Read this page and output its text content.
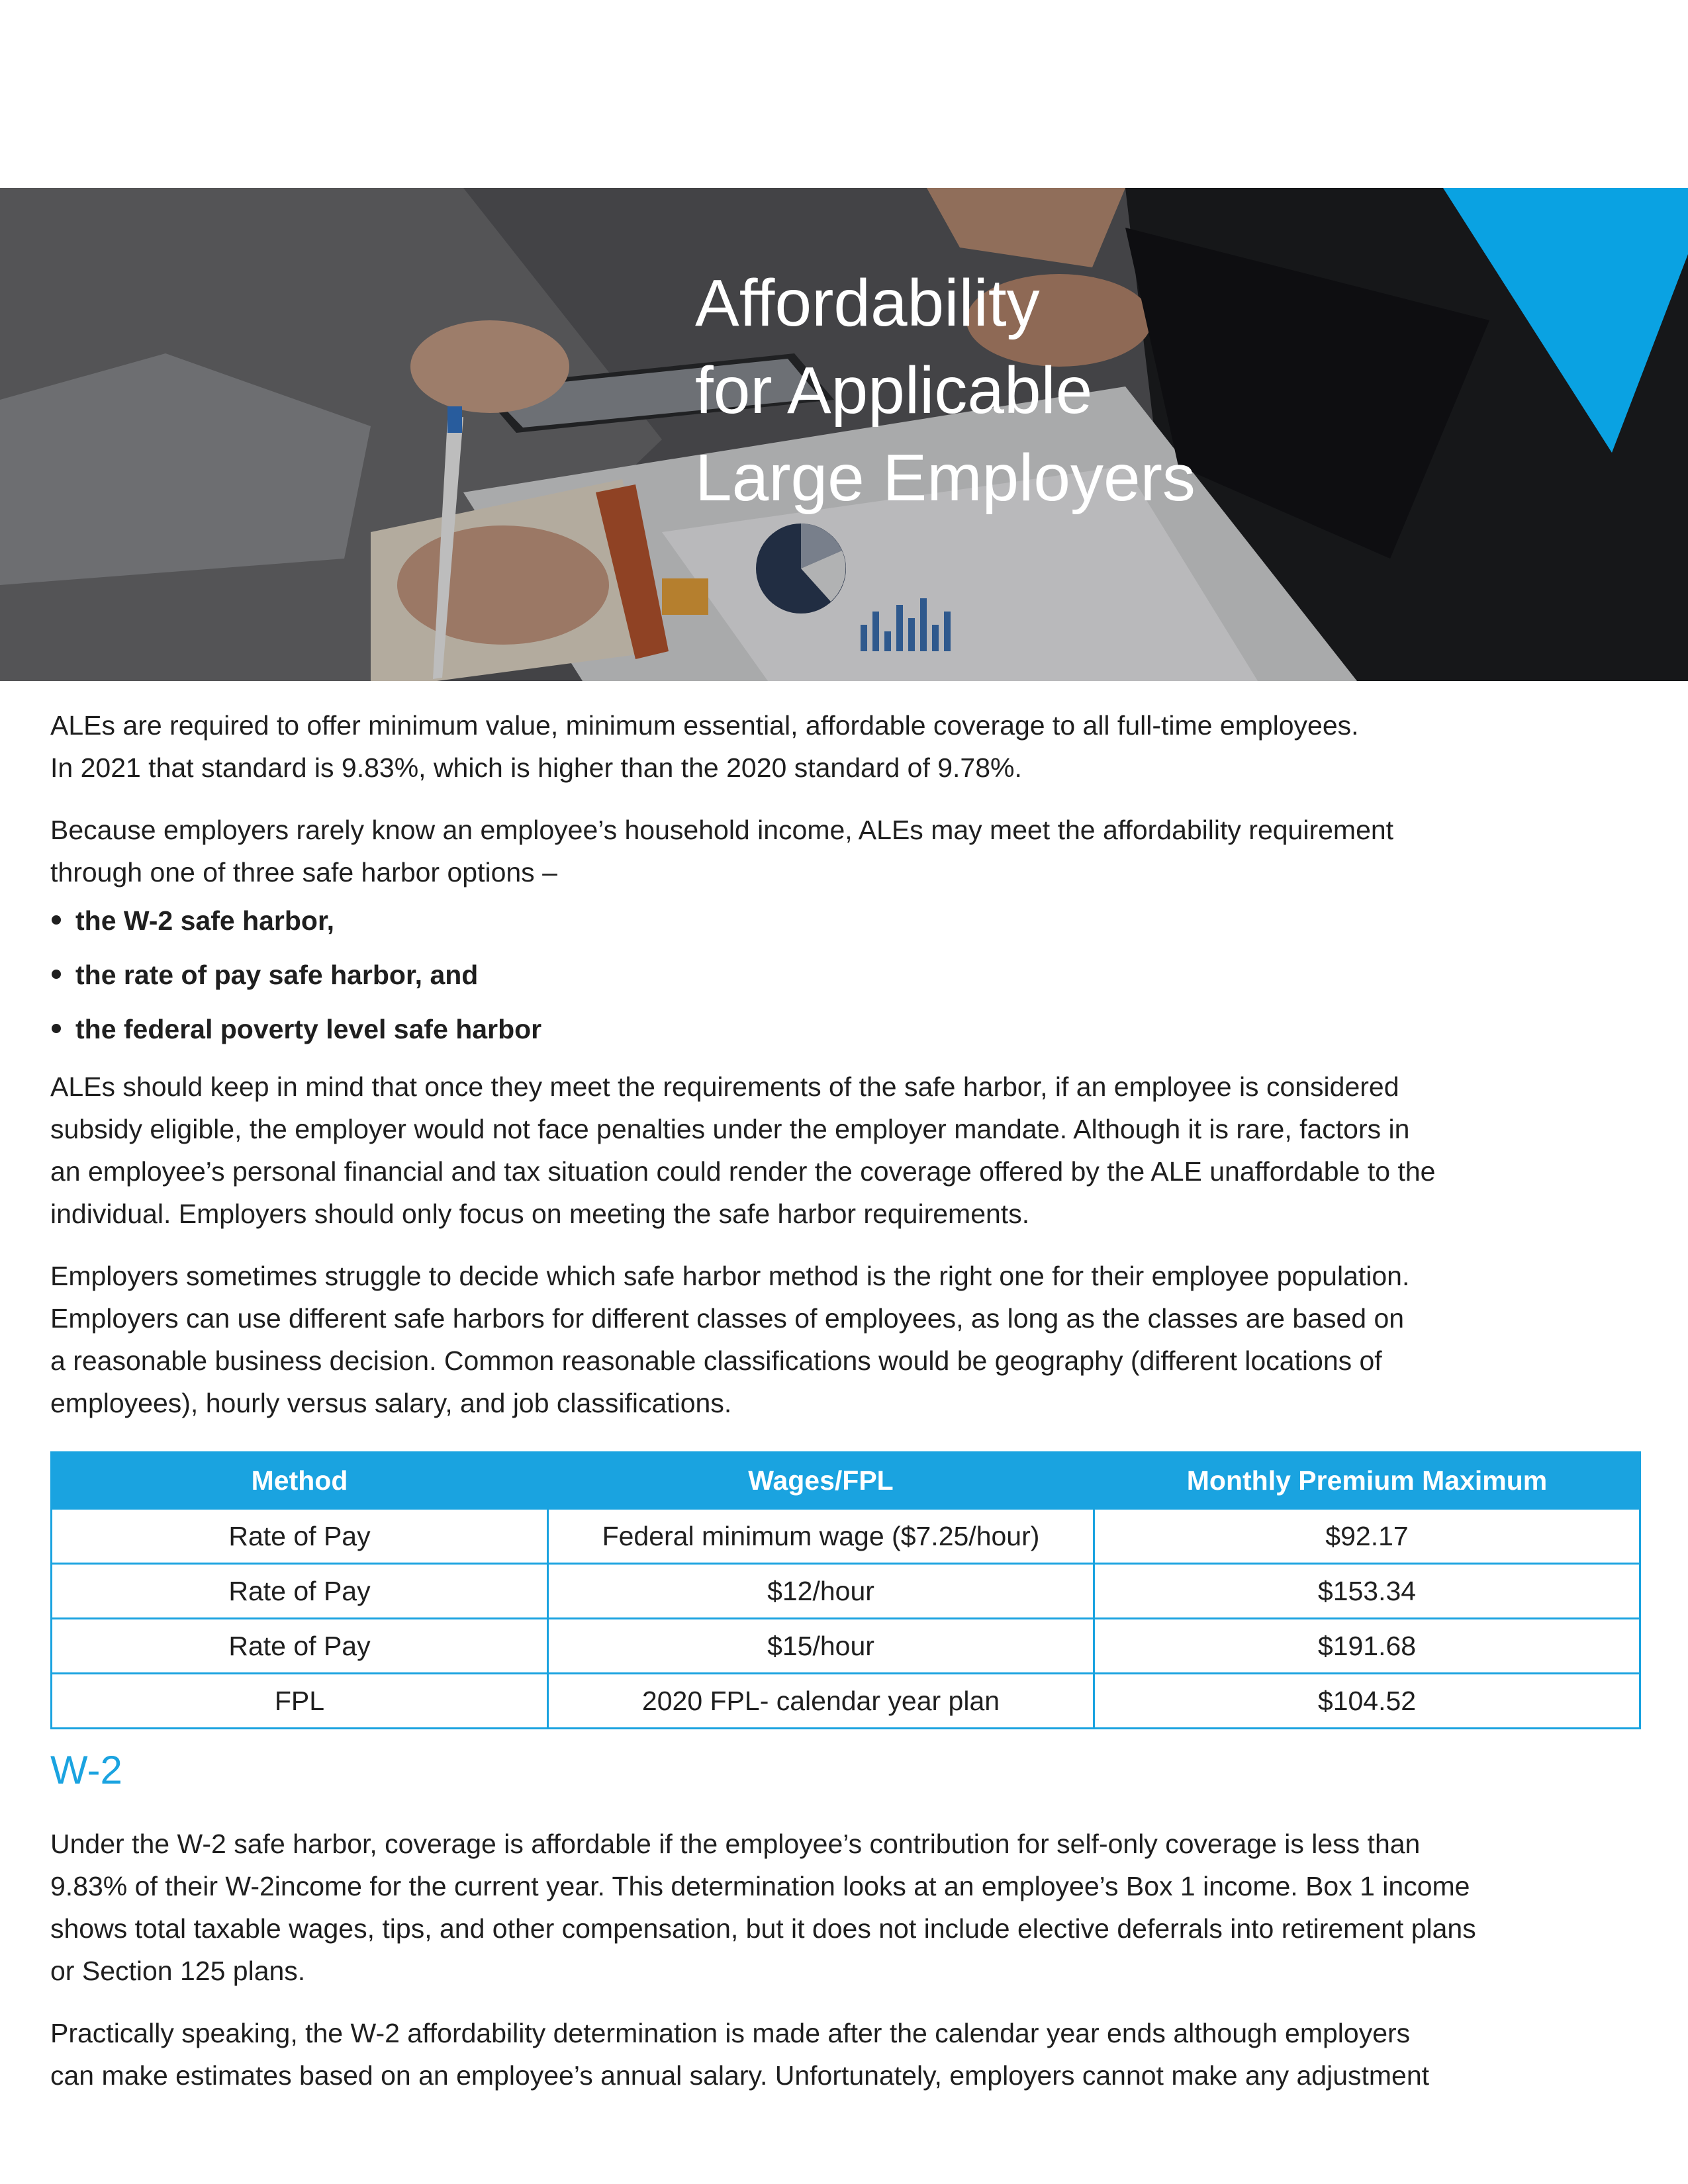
Affordability
for Applicable
Large Employers

ALEs are required to offer minimum value, minimum essential, affordable coverage to all full-time employees.
In 2021 that standard is 9.83%, which is higher than the 2020 standard of 9.78%.

Because employers rarely know an employee’s household income, ALEs may meet the affordability requirement
through one of three safe harbor options –

the W-2 safe harbor,
the rate of pay safe harbor, and
the federal poverty level safe harbor

ALEs should keep in mind that once they meet the requirements of the safe harbor, if an employee is considered
subsidy eligible, the employer would not face penalties under the employer mandate. Although it is rare, factors in
an employee’s personal financial and tax situation could render the coverage offered by the ALE unaffordable to the
individual. Employers should only focus on meeting the safe harbor requirements.

Employers sometimes struggle to decide which safe harbor method is the right one for their employee population.
Employers can use different safe harbors for different classes of employees, as long as the classes are based on
a reasonable business decision. Common reasonable classifications would be geography (different locations of
employees), hourly versus salary, and job classifications.

Method	Wages/FPL	Monthly Premium Maximum
Rate of Pay	Federal minimum wage ($7.25/hour)	$92.17
Rate of Pay	$12/hour	$153.34
Rate of Pay	$15/hour	$191.68
FPL	2020 FPL- calendar year plan	$104.52
W-2

Under the W-2 safe harbor, coverage is affordable if the employee’s contribution for self-only coverage is less than
9.83% of their W-2income for the current year. This determination looks at an employee’s Box 1 income. Box 1 income
shows total taxable wages, tips, and other compensation, but it does not include elective deferrals into retirement plans
or Section 125 plans.

Practically speaking, the W-2 affordability determination is made after the calendar year ends although employers
can make estimates based on an employee’s annual salary. Unfortunately, employers cannot make any adjustment
